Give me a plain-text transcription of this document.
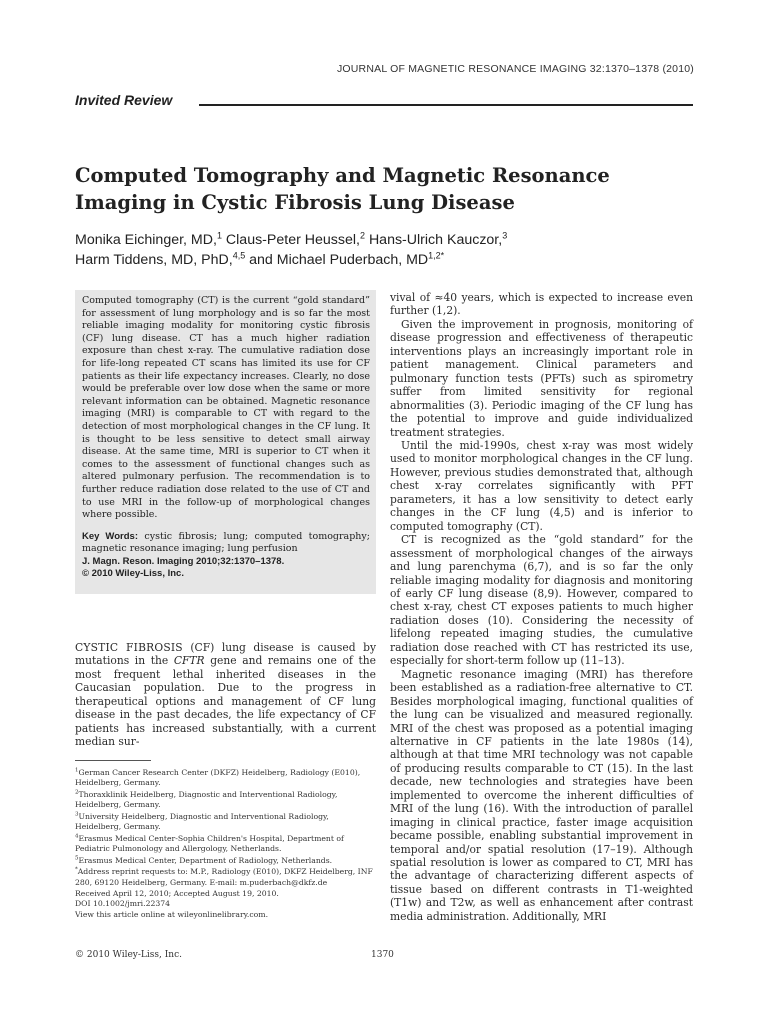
JOURNAL OF MAGNETIC RESONANCE IMAGING 32:1370–1378 (2010)
Invited Review
Computed Tomography and Magnetic Resonance Imaging in Cystic Fibrosis Lung Disease
Monika Eichinger, MD,$^1$ Claus-Peter Heussel,$^2$ Hans-Ulrich Kauczor,$^3$
Harm Tiddens, MD, PhD,$^{4,5}$ and Michael Puderbach, $MD^{1,2*}$

Computed tomography (CT) is the current “gold standard” for assessment of lung morphology and is so far the most reliable imaging modality for monitoring cystic fibrosis (CF) lung disease. CT has a much higher radiation exposure than chest x-ray. The cumulative radiation dose for life-long repeated CT scans has limited its use for CF patients as their life expectancy increases. Clearly, no dose would be preferable over low dose when the same or more relevant information can be obtained. Magnetic resonance imaging (MRI) is comparable to CT with regard to the detection of most morphological changes in the CF lung. It is thought to be less sensitive to detect small airway disease. At the same time, MRI is superior to CT when it comes to the assessment of functional changes such as altered pulmonary perfusion. The recommendation is to further reduce radiation dose related to the use of CT and to use MRI in the follow-up of morphological changes where possible.

Key Words: cystic fibrosis; lung; computed tomography; magnetic resonance imaging; lung perfusion

J. Magn. Reson. Imaging 2010;32:1370–1378.

© 2010 Wiley-Liss, Inc.

CYSTIC FIBROSIS (CF) lung disease is caused by mutations in the CFTR gene and remains one of the most frequent lethal inherited diseases in the Caucasian population. Due to the progress in therapeutical options and management of CF lung disease in the past decades, the life expectancy of CF patients has increased substantially, with a current median sur-

vival of ≈40 years, which is expected to increase even further (1,2).

Given the improvement in prognosis, monitoring of disease progression and effectiveness of therapeutic interventions plays an increasingly important role in patient management. Clinical parameters and pulmonary function tests (PFTs) such as spirometry suffer from limited sensitivity for regional abnormalities (3). Periodic imaging of the CF lung has the potential to improve and guide individualized treatment strategies.

Until the mid-1990s, chest x-ray was most widely used to monitor morphological changes in the CF lung. However, previous studies demonstrated that, although chest x-ray correlates significantly with PFT parameters, it has a low sensitivity to detect early changes in the CF lung (4,5) and is inferior to computed tomography (CT).

CT is recognized as the “gold standard” for the assessment of morphological changes of the airways and lung parenchyma (6,7), and is so far the only reliable imaging modality for diagnosis and monitoring of early CF lung disease (8,9). However, compared to chest x-ray, chest CT exposes patients to much higher radiation doses (10). Considering the necessity of lifelong repeated imaging studies, the cumulative radiation dose reached with CT has restricted its use, especially for short-term follow up (11–13).

Magnetic resonance imaging (MRI) has therefore been established as a radiation-free alternative to CT. Besides morphological imaging, functional qualities of the lung can be visualized and measured regionally. MRI of the chest was proposed as a potential imaging alternative in CF patients in the late 1980s (14), although at that time MRI technology was not capable of producing results comparable to CT (15). In the last decade, new technologies and strategies have been implemented to overcome the inherent difficulties of MRI of the lung (16). With the introduction of parallel imaging in clinical practice, faster image acquisition became possible, enabling substantial improvement in temporal and/or spatial resolution (17–19). Although spatial resolution is lower as compared to CT, MRI has the advantage of characterizing different aspects of tissue based on different contrasts in T1-weighted (T1w) and T2w, as well as enhancement after contrast media administration. Additionally, MRI

$^1$German Cancer Research Center (DKFZ) Heidelberg, Radiology (E010), Heidelberg, Germany.

$^2$Thoraxklinik Heidelberg, Diagnostic and Interventional Radiology, Heidelberg, Germany.

$^3$University Heidelberg, Diagnostic and Interventional Radiology, Heidelberg, Germany.

$^4$Erasmus Medical Center-Sophia Children's Hospital, Department of Pediatric Pulmonology and Allergology, Netherlands.

$^5$Erasmus Medical Center, Department of Radiology, Netherlands.

*Address reprint requests to: M.P., Radiology (E010), DKFZ Heidelberg, INF 280, 69120 Heidelberg, Germany. E-mail: m.puderbach@dkfz.de

Received April 12, 2010; Accepted August 19, 2010.

DOI 10.1002/jmri.22374

View this article online at wileyonlinelibrary.com.

© 2010 Wiley-Liss, Inc.	1370
